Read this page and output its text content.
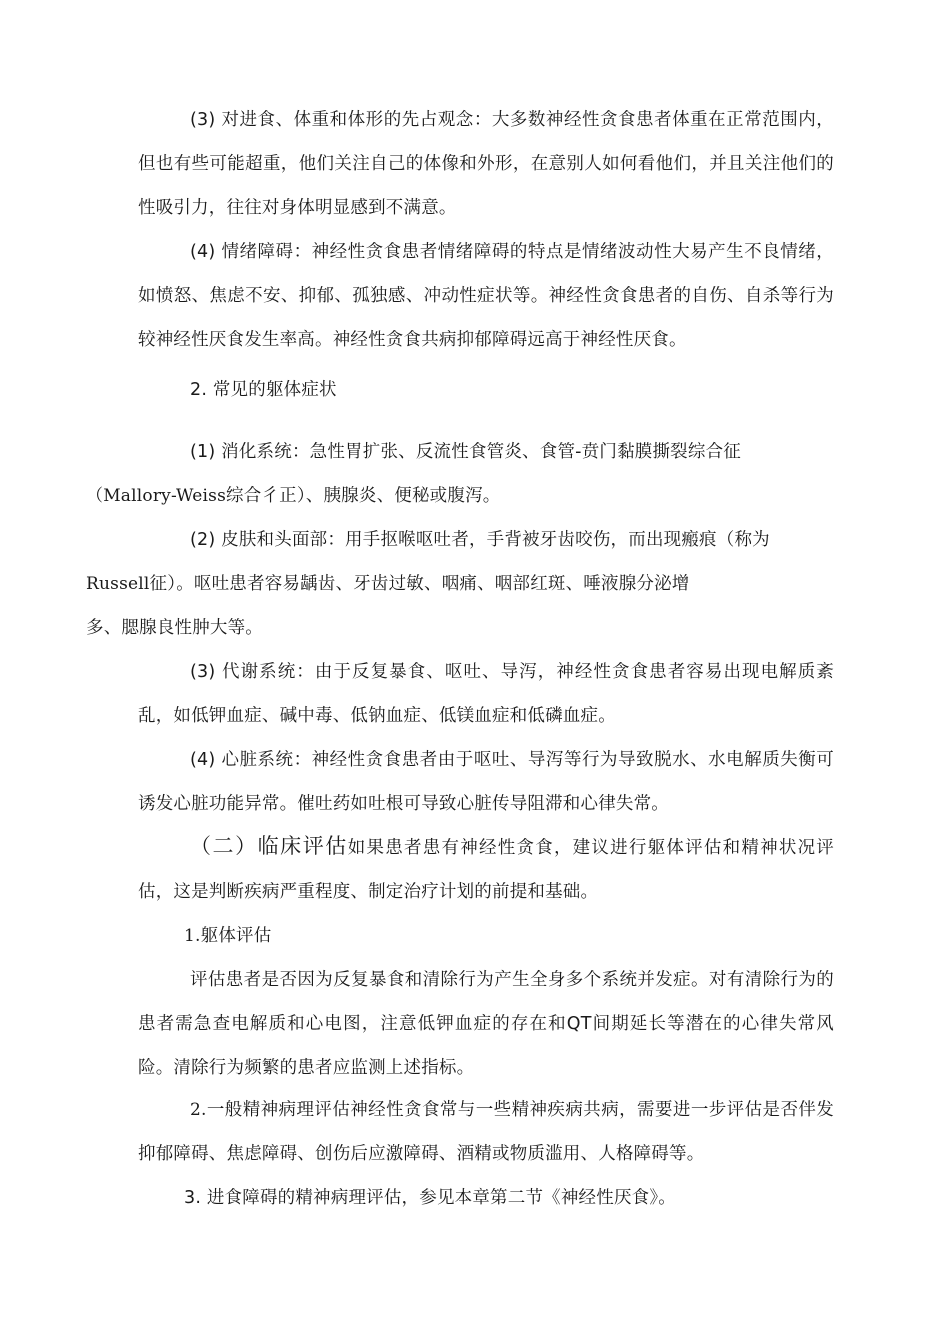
(3) 对进食、体重和体形的先占观念：大多数神经性贪食患者体重在正常范围内，但也有些可能超重，他们关注自己的体像和外形，在意别人如何看他们，并且关注他们的性吸引力，往往对身体明显感到不满意。

(4) 情绪障碍：神经性贪食患者情绪障碍的特点是情绪波动性大易产生不良情绪，如愤怒、焦虑不安、抑郁、孤独感、冲动性症状等。神经性贪食患者的自伤、自杀等行为较神经性厌食发生率高。神经性贪食共病抑郁障碍远高于神经性厌食。

2. 常见的躯体症状

(1) 消化系统：急性胃扩张、反流性食管炎、食管-贲门黏膜撕裂综合征
（Mallory-Weiss综合彳正）、胰腺炎、便秘或腹泻。

(2) 皮肤和头面部：用手抠喉呕吐者，手背被牙齿咬伤，而出现瘢痕（称为
Russell征）。呕吐患者容易龋齿、牙齿过敏、咽痛、咽部红斑、唾液腺分泌增
多、腮腺良性肿大等。

(3) 代谢系统：由于反复暴食、呕吐、导泻，神经性贪食患者容易出现电解质紊乱，如低钾血症、碱中毒、低钠血症、低镁血症和低磷血症。

(4) 心脏系统：神经性贪食患者由于呕吐、导泻等行为导致脱水、水电解质失衡可诱发心脏功能异常。催吐药如吐根可导致心脏传导阻滞和心律失常。

（二）临床评估如果患者患有神经性贪食，建议进行躯体评估和精神状况评估，这是判断疾病严重程度、制定治疗计划的前提和基础。

1.躯体评估

评估患者是否因为反复暴食和清除行为产生全身多个系统并发症。对有清除行为的患者需急查电解质和心电图，注意低钾血症的存在和QT间期延长等潜在的心律失常风险。清除行为频繁的患者应监测上述指标。

2.一般精神病理评估神经性贪食常与一些精神疾病共病，需要进一步评估是否伴发抑郁障碍、焦虑障碍、创伤后应激障碍、酒精或物质滥用、人格障碍等。

3. 进食障碍的精神病理评估，参见本章第二节《神经性厌食》。
